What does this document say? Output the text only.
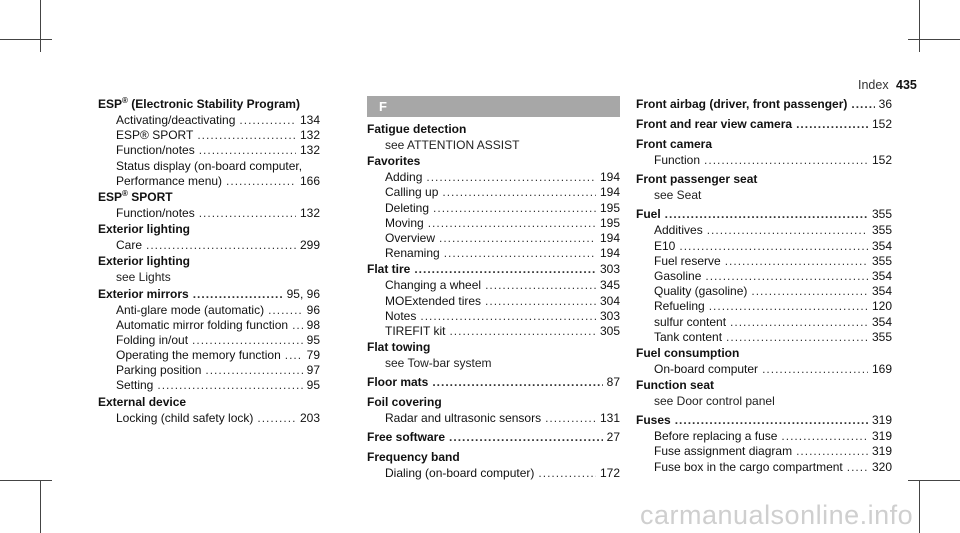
Index 435
ESP® (Electronic Stability Program)
Activating/deactivating .....	134
ESP® SPORT .....	132
Function/notes .....	132
Status display (on-board computer,
Performance menu) .....	166
ESP® SPORT
Function/notes .....	132
Exterior lighting
Care .....	299
Exterior lighting
see Lights
Exterior mirrors .....	95, 96
Anti-glare mode (automatic) .....	96
Automatic mirror folding function ..... 98
Folding in/out .....	95
Operating the memory function ..... 79
Parking position .....	97
Setting .....	95
External device
Locking (child safety lock) .....	203
F
Fatigue detection
see ATTENTION ASSIST
Favorites
Adding .....	194
Calling up .....	194
Deleting .....	195
Moving .....	195
Overview .....	194
Renaming .....	194
Flat tire .....	303
Changing a wheel .....	345
MOExtended tires .....	304
Notes .....	303
TIREFIT kit .....	305
Flat towing
see Tow-bar system
Floor mats .....	87
Foil covering
Radar and ultrasonic sensors .....	131
Free software .....	27
Frequency band
Dialing (on-board computer) .....	172
Front airbag (driver, front passenger) .....	36
Front and rear view camera .....	152
Front camera
Function .....	152
Front passenger seat
see Seat
Fuel .....	355
Additives .....	355
E10 .....	354
Fuel reserve .....	355
Gasoline .....	354
Quality (gasoline) .....	354
Refueling .....	120
sulfur content .....	354
Tank content .....	355
Fuel consumption
On-board computer .....	169
Function seat
see Door control panel
Fuses .....	319
Before replacing a fuse .....	319
Fuse assignment diagram .....	319
Fuse box in the cargo compartment ..... 320
carmanualsonline.info
